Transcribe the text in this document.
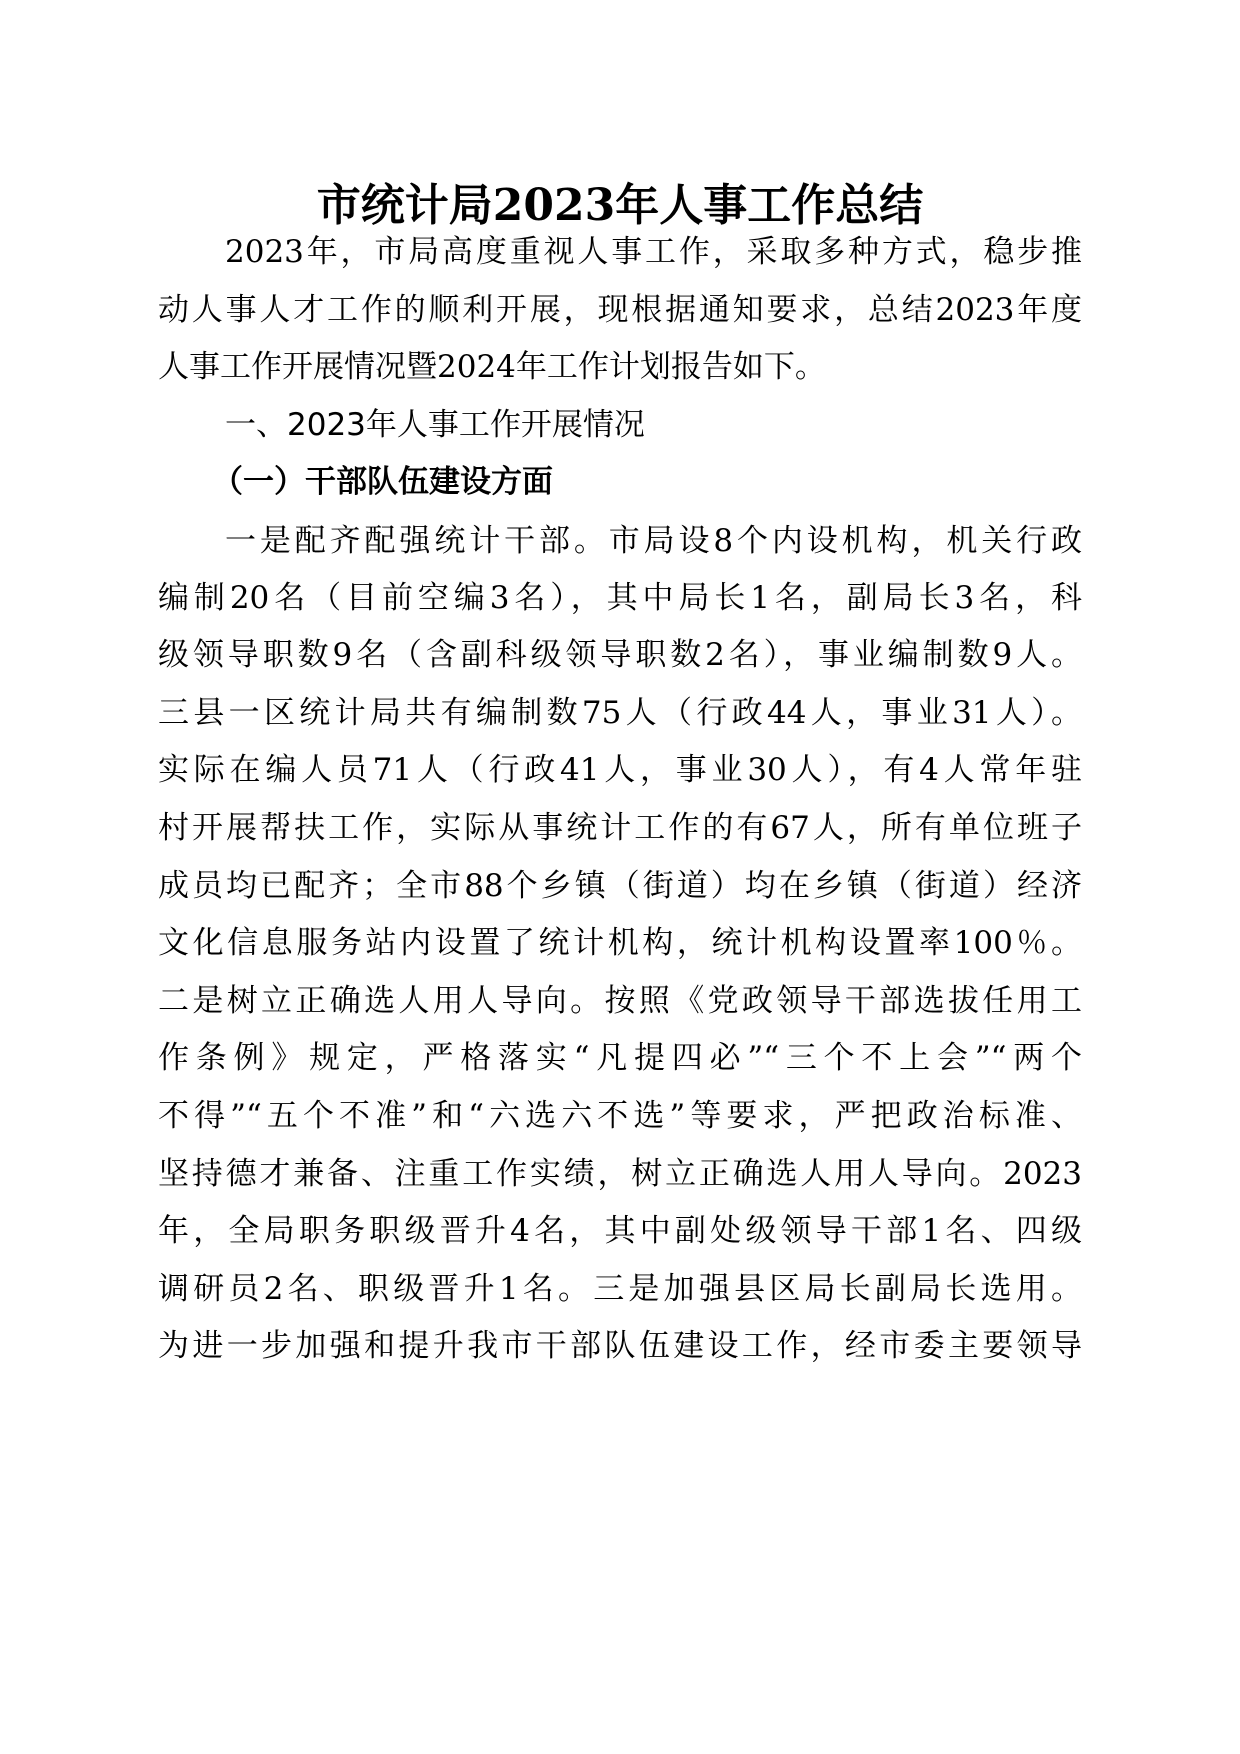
市统计局2023年人事工作总结
2023年，市局高度重视人事工作，采取多种方式，稳步推
动人事人才工作的顺利开展，现根据通知要求，总结2023年度
人事工作开展情况暨2024年工作计划报告如下。
一、2023年人事工作开展情况
（一）干部队伍建设方面
一是配齐配强统计干部。市局设8个内设机构，机关行政
编制20名（目前空编3名），其中局长1名，副局长3名，科
级领导职数9名（含副科级领导职数2名），事业编制数9人。
三县一区统计局共有编制数75人（行政44人，事业31人）。
实际在编人员71人（行政41人，事业30人），有4人常年驻
村开展帮扶工作，实际从事统计工作的有67人，所有单位班子
成员均已配齐；全市88个乡镇（街道）均在乡镇（街道）经济
文化信息服务站内设置了统计机构，统计机构设置率100％。
二是树立正确选人用人导向。按照《党政领导干部选拔任用工
作条例》规定，严格落实“凡提四必”“三个不上会”“两个
不得”“五个不准”和“六选六不选”等要求，严把政治标准、
坚持德才兼备、注重工作实绩，树立正确选人用人导向。2023
年，全局职务职级晋升4名，其中副处级领导干部1名、四级
调研员2名、职级晋升1名。三是加强县区局长副局长选用。
为进一步加强和提升我市干部队伍建设工作，经市委主要领导
